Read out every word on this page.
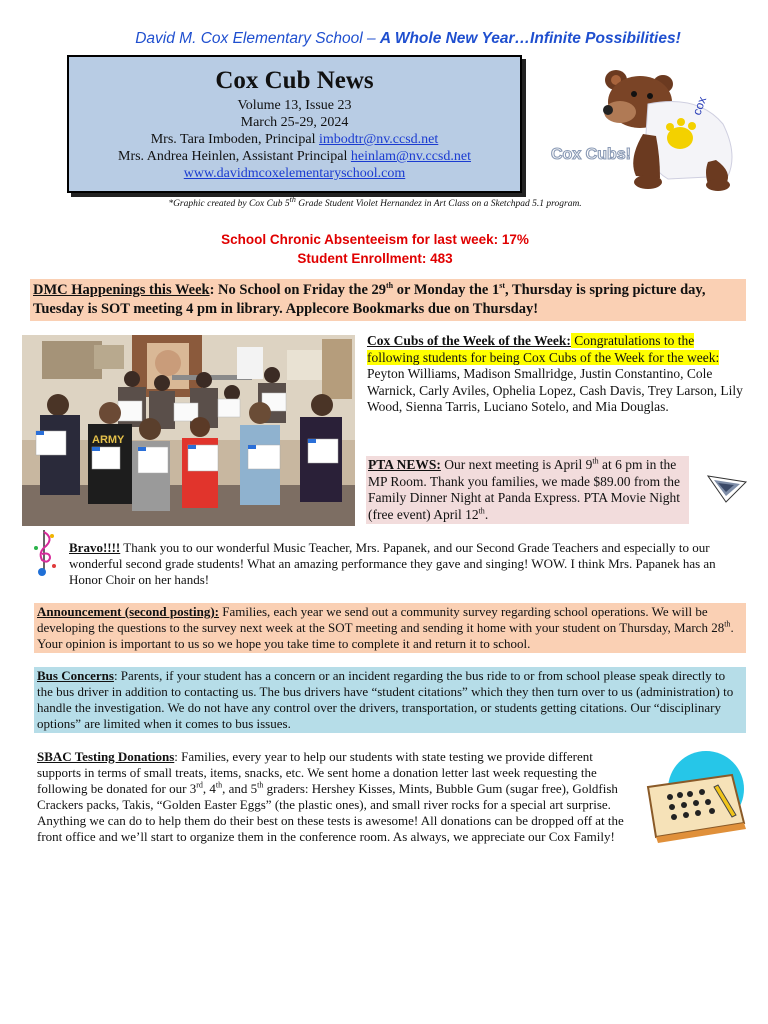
David M. Cox Elementary School – A Whole New Year…Infinite Possibilities!
Cox Cub News
Volume 13, Issue 23
March 25-29, 2024
Mrs. Tara Imboden, Principal imbodtr@nv.ccsd.net
Mrs. Andrea Heinlen, Assistant Principal heinlam@nv.ccsd.net
www.davidmcoxelementaryschool.com
cox
Cox Cubs!
*Graphic created by Cox Cub 5th Grade Student Violet Hernandez in Art Class on a Sketchpad 5.1 program.
School Chronic Absenteeism for last week: 17%
Student Enrollment: 483
DMC Happenings this Week: No School on Friday the 29th or Monday the 1st, Thursday is spring picture day, Tuesday is SOT meeting 4 pm in library. Applecore Bookmarks due on Thursday!
ARMY
Cox Cubs of the Week of the Week: Congratulations to the following students for being Cox Cubs of the Week for the week: Peyton Williams, Madison Smallridge, Justin Constantino, Cole Warnick, Carly Aviles, Ophelia Lopez, Cash Davis, Trey Larson, Lily Wood, Sienna Tarris, Luciano Sotelo, and Mia Douglas.
PTA NEWS: Our next meeting is April 9th at 6 pm in the MP Room. Thank you families, we made $89.00 from the Family Dinner Night at Panda Express. PTA Movie Night (free event) April 12th.
Bravo!!!! Thank you to our wonderful Music Teacher, Mrs. Papanek, and our Second Grade Teachers and especially to our wonderful second grade students! What an amazing performance they gave and singing! WOW. I think Mrs. Papanek has an Honor Choir on her hands!
Announcement (second posting): Families, each year we send out a community survey regarding school operations. We will be developing the questions to the survey next week at the SOT meeting and sending it home with your student on Thursday, March 28th. Your opinion is important to us so we hope you take time to complete it and return it to school.
Bus Concerns: Parents, if your student has a concern or an incident regarding the bus ride to or from school please speak directly to the bus driver in addition to contacting us. The bus drivers have “student citations” which they then turn over to us (administration) to handle the investigation. We do not have any control over the drivers, transportation, or students getting citations. Our “disciplinary options” are limited when it comes to bus issues.
SBAC Testing Donations: Families, every year to help our students with state testing we provide different supports in terms of small treats, items, snacks, etc. We sent home a donation letter last week requesting the following be donated for our 3rd, 4th, and 5th graders: Hershey Kisses, Mints, Bubble Gum (sugar free), Goldfish Crackers packs, Takis, “Golden Easter Eggs” (the plastic ones), and small river rocks for a special art surprise. Anything we can do to help them do their best on these tests is awesome! All donations can be dropped off at the front office and we’ll start to organize them in the conference room. As always, we appreciate our Cox Family!
